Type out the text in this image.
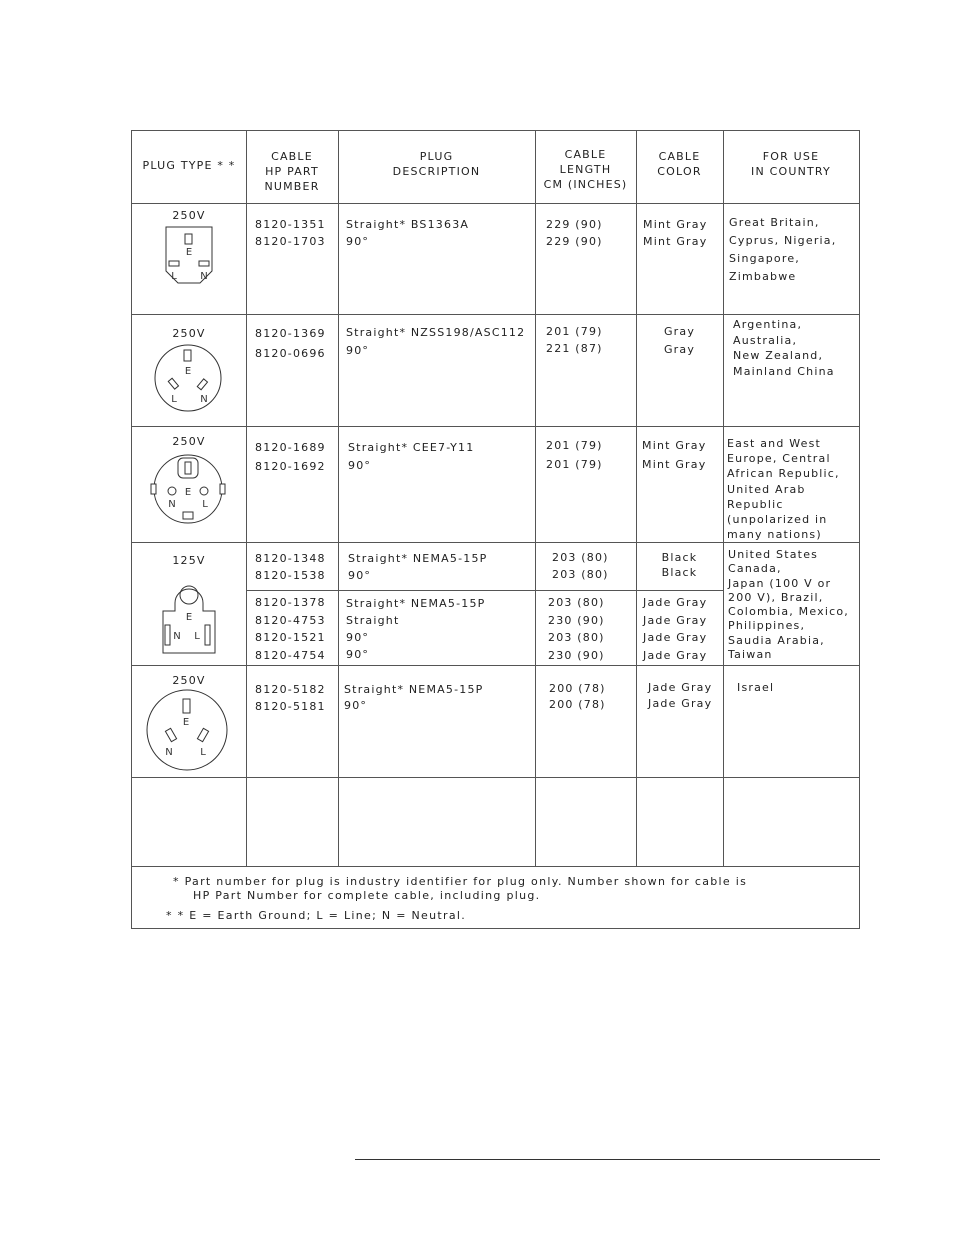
PLUG TYPE * *
CABLE
HP PART
NUMBER
PLUG
DESCRIPTION
CABLE
LENGTH
CM (INCHES)
CABLE
COLOR
FOR USE
IN COUNTRY
250V
E
L N
8120-1351
8120-1703
Straight* BS1363A
90°
229 (90)
229 (90)
Mint Gray
Mint Gray
Great Britain,
Cyprus, Nigeria,
Singapore,
Zimbabwe
250V
E
L N
8120-1369
8120-0696
Straight* NZSS198/ASC112
90°
201 (79)
221 (87)
Gray
Gray
Argentina,
Australia,
New Zealand,
Mainland China
250V
N
E
L
8120-1689
8120-1692
Straight* CEE7-Y11
90°
201 (79)
201 (79)
Mint Gray
Mint Gray
East and West
Europe, Central
African Republic,
United Arab
Republic
(unpolarized in
many nations)
125V
E
N L
8120-1348
8120-1538
Straight* NEMA5-15P
90°
203 (80)
203 (80)
Black
Black
8120-1378
8120-4753
8120-1521
8120-4754
Straight* NEMA5-15P
Straight
90°
90°
203 (80)
230 (90)
203 (80)
230 (90)
Jade Gray
Jade Gray
Jade Gray
Jade Gray
United States
Canada,
Japan (100 V or
200 V), Brazil,
Colombia, Mexico,
Philippines,
Saudia Arabia,
Taiwan
250V
E
N	L
8120-5182
8120-5181
Straight* NEMA5-15P
90°
200 (78)
200 (78)
Jade Gray
Jade Gray
Israel
* Part number for plug is industry identifier for plug only. Number shown for cable is
HP Part Number for complete cable, including plug.
* * E = Earth Ground; L = Line; N = Neutral.
